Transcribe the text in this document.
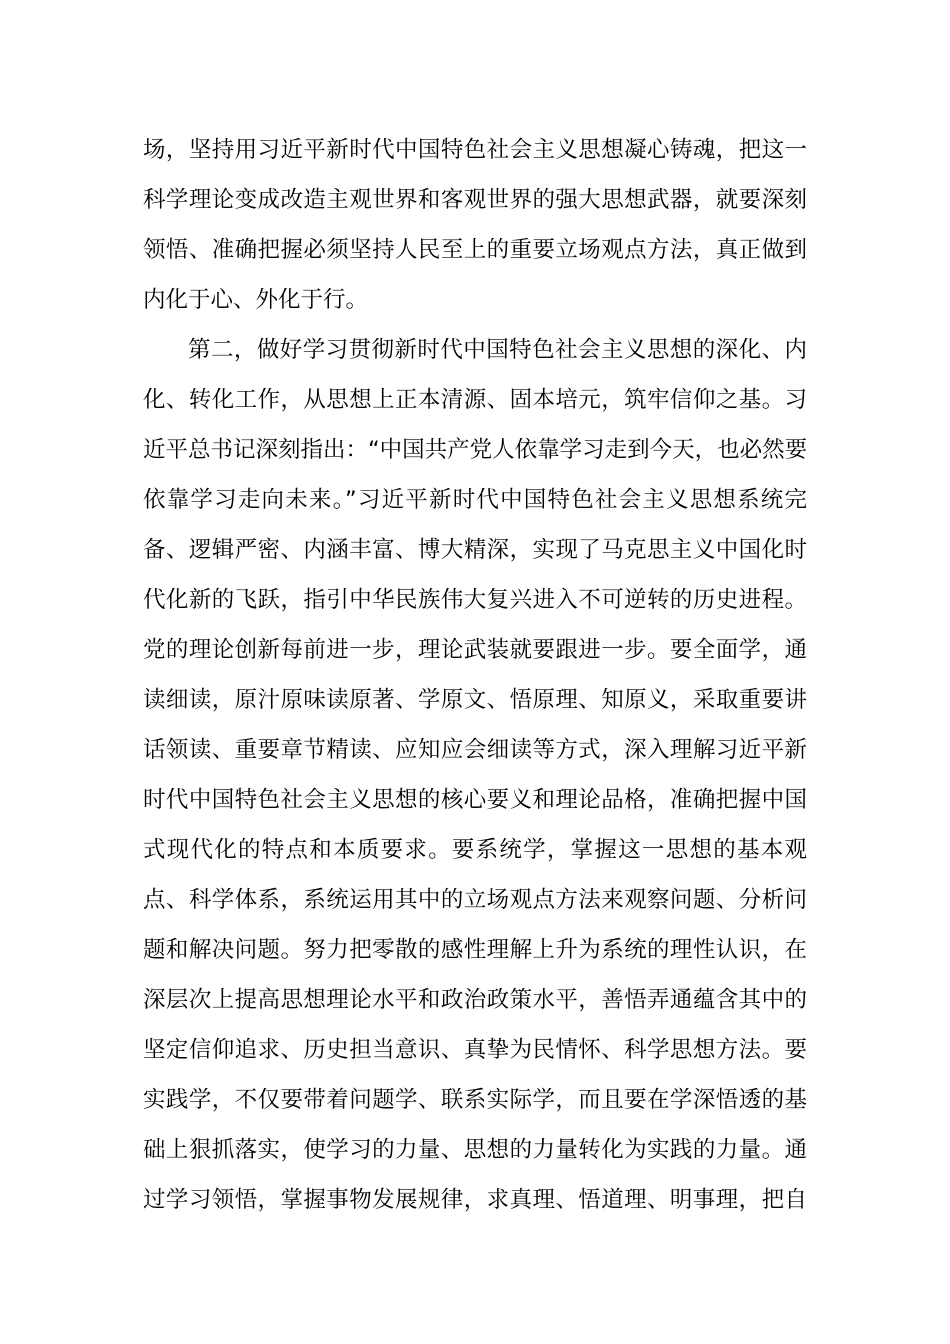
场，坚持用习近平新时代中国特色社会主义思想凝心铸魂，把这一
科学理论变成改造主观世界和客观世界的强大思想武器，就要深刻
领悟、准确把握必须坚持人民至上的重要立场观点方法，真正做到
内化于心、外化于行。

第二，做好学习贯彻新时代中国特色社会主义思想的深化、内
化、转化工作，从思想上正本清源、固本培元，筑牢信仰之基。习
近平总书记深刻指出：“中国共产党人依靠学习走到今天，也必然要
依靠学习走向未来。”习近平新时代中国特色社会主义思想系统完
备、逻辑严密、内涵丰富、博大精深，实现了马克思主义中国化时
代化新的飞跃，指引中华民族伟大复兴进入不可逆转的历史进程。
党的理论创新每前进一步，理论武装就要跟进一步。要全面学，通
读细读，原汁原味读原著、学原文、悟原理、知原义，采取重要讲
话领读、重要章节精读、应知应会细读等方式，深入理解习近平新
时代中国特色社会主义思想的核心要义和理论品格，准确把握中国
式现代化的特点和本质要求。要系统学，掌握这一思想的基本观
点、科学体系，系统运用其中的立场观点方法来观察问题、分析问
题和解决问题。努力把零散的感性理解上升为系统的理性认识，在
深层次上提高思想理论水平和政治政策水平，善悟弄通蕴含其中的
坚定信仰追求、历史担当意识、真挚为民情怀、科学思想方法。要
实践学，不仅要带着问题学、联系实际学，而且要在学深悟透的基
础上狠抓落实，使学习的力量、思想的力量转化为实践的力量。通
过学习领悟，掌握事物发展规律，求真理、悟道理、明事理，把自
